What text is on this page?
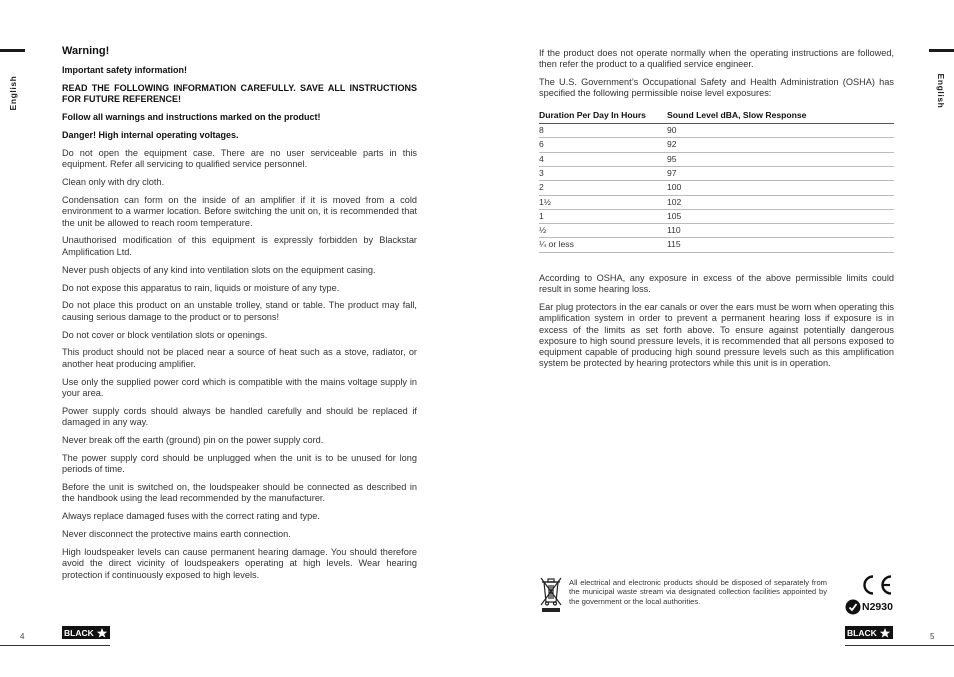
English	English

Warning!

Important safety information!

READ THE FOLLOWING INFORMATION CAREFULLY. SAVE ALL INSTRUCTIONS FOR FUTURE REFERENCE!

Follow all warnings and instructions marked on the product!

Danger! High internal operating voltages.

Do not open the equipment case. There are no user serviceable parts in this equipment. Refer all servicing to qualified service personnel.

Clean only with dry cloth.

Condensation can form on the inside of an amplifier if it is moved from a cold environment to a warmer location. Before switching the unit on, it is recommended that the unit be allowed to reach room temperature.

Unauthorised modification of this equipment is expressly forbidden by Blackstar Amplification Ltd.

Never push objects of any kind into ventilation slots on the equipment casing.

Do not expose this apparatus to rain, liquids or moisture of any type.

Do not place this product on an unstable trolley, stand or table. The product may fall, causing serious damage to the product or to persons!

Do not cover or block ventilation slots or openings.

This product should not be placed near a source of heat such as a stove, radiator, or another heat producing amplifier.

Use only the supplied power cord which is compatible with the mains voltage supply in your area.

Power supply cords should always be handled carefully and should be replaced if damaged in any way.

Never break off the earth (ground) pin on the power supply cord.

The power supply cord should be unplugged when the unit is to be unused for long periods of time.

Before the unit is switched on, the loudspeaker should be connected as described in the handbook using the lead recommended by the manufacturer.

Always replace damaged fuses with the correct rating and type.

Never disconnect the protective mains earth connection.

High loudspeaker levels can cause permanent hearing damage. You should therefore avoid the direct vicinity of loudspeakers operating at high levels. Wear hearing protection if continuously exposed to high levels.

If the product does not operate normally when the operating instructions are followed, then refer the product to a qualified service engineer.

The U.S. Government’s Occupational Safety and Health Administration (OSHA) has specified the following permissible noise level exposures:

Duration Per Day In Hours	Sound Level dBA, Slow Response
8	90
6	92
4	95
3	97
2	100
1½	102
1	105
½	110
¼ or less	115

According to OSHA, any exposure in excess of the above permissible limits could result in some hearing loss.

Ear plug protectors in the ear canals or over the ears must be worn when operating this amplification system in order to prevent a permanent hearing loss if exposure is in excess of the limits as set forth above. To ensure against potentially dangerous exposure to high sound pressure levels, it is recommended that all persons exposed to equipment capable of producing high sound pressure levels such as this amplification system be protected by hearing protectors while this unit is in operation.

All electrical and electronic products should be disposed of separately from the municipal waste stream via designated collection facilities appointed by the government or the local authorities.	N2930
BLACK	BLACK
4	5
